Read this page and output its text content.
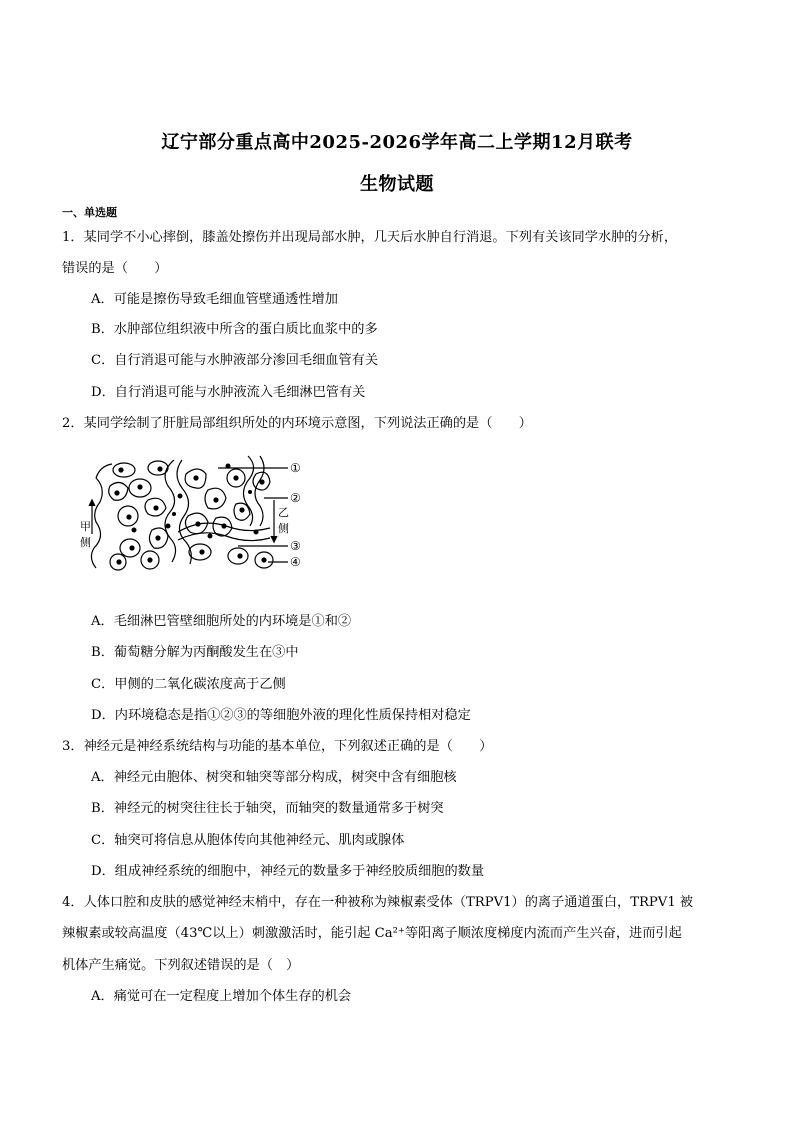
辽宁部分重点高中2025-2026学年高二上学期12月联考
生物试题
一、单选题
1．某同学不小心摔倒，膝盖处擦伤并出现局部水肿，几天后水肿自行消退。下列有关该同学水肿的分析，
错误的是（　　）
A．可能是擦伤导致毛细血管壁通透性增加
B．水肿部位组织液中所含的蛋白质比血浆中的多
C．自行消退可能与水肿液部分渗回毛细血管有关
D．自行消退可能与水肿液流入毛细淋巴管有关
2．某同学绘制了肝脏局部组织所处的内环境示意图，下列说法正确的是（　　）
①
②
③
④
甲
侧
乙
侧
A．毛细淋巴管壁细胞所处的内环境是①和②
B．葡萄糖分解为丙酮酸发生在③中
C．甲侧的二氧化碳浓度高于乙侧
D．内环境稳态是指①②③的等细胞外液的理化性质保持相对稳定
3．神经元是神经系统结构与功能的基本单位，下列叙述正确的是（　　）
A．神经元由胞体、树突和轴突等部分构成，树突中含有细胞核
B．神经元的树突往往长于轴突，而轴突的数量通常多于树突
C．轴突可将信息从胞体传向其他神经元、肌肉或腺体
D．组成神经系统的细胞中，神经元的数量多于神经胶质细胞的数量
4．人体口腔和皮肤的感觉神经末梢中，存在一种被称为辣椒素受体（TRPV1）的离子通道蛋白，TRPV1 被
辣椒素或较高温度（43℃以上）刺激激活时，能引起 Ca²⁺等阳离子顺浓度梯度内流而产生兴奋，进而引起
机体产生痛觉。下列叙述错误的是（　）
A．痛觉可在一定程度上增加个体生存的机会
